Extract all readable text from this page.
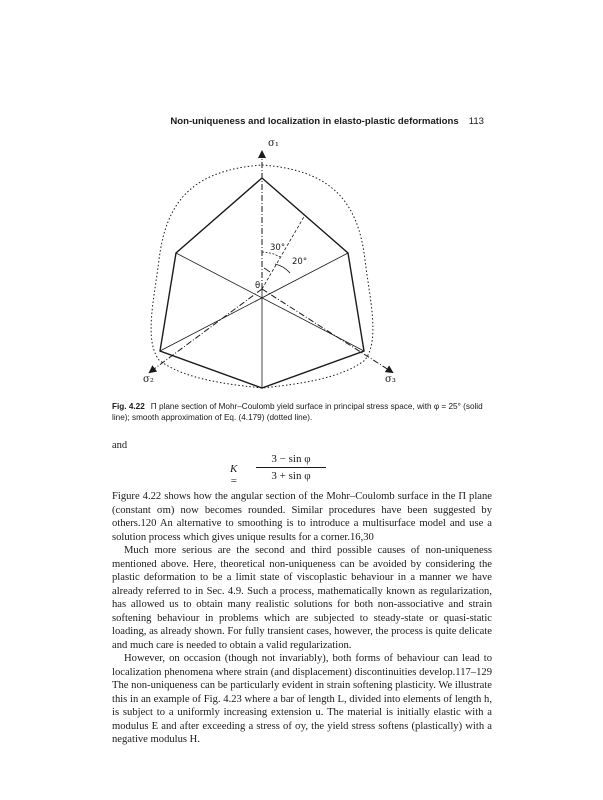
Non-uniqueness and localization in elasto-plastic deformations 113
σ₁
σ₂	σ₃
θ
30°
20°
Fig. 4.22 Π plane section of Mohr–Coulomb yield surface in principal stress space, with φ = 25° (solid line); smooth approximation of Eq. (4.179) (dotted line).
and
K =
3 − sin φ
3 + sin φ

Figure 4.22 shows how the angular section of the Mohr–Coulomb surface in the Π plane (constant σm) now becomes rounded. Similar procedures have been suggested by others.120 An alternative to smoothing is to introduce a multisurface model and use a solution process which gives unique results for a corner.16,30

Much more serious are the second and third possible causes of non-uniqueness mentioned above. Here, theoretical non-uniqueness can be avoided by considering the plastic deformation to be a limit state of viscoplastic behaviour in a manner we have already referred to in Sec. 4.9. Such a process, mathematically known as regularization, has allowed us to obtain many realistic solutions for both non-associative and strain softening behaviour in problems which are subjected to steady-state or quasi-static loading, as already shown. For fully transient cases, however, the process is quite delicate and much care is needed to obtain a valid regularization.

However, on occasion (though not invariably), both forms of behaviour can lead to localization phenomena where strain (and displacement) discontinuities develop.117–129 The non-uniqueness can be particularly evident in strain softening plasticity. We illustrate this in an example of Fig. 4.23 where a bar of length L, divided into elements of length h, is subject to a uniformly increasing extension u. The material is initially elastic with a modulus E and after exceeding a stress of σy, the yield stress softens (plastically) with a negative modulus H.
